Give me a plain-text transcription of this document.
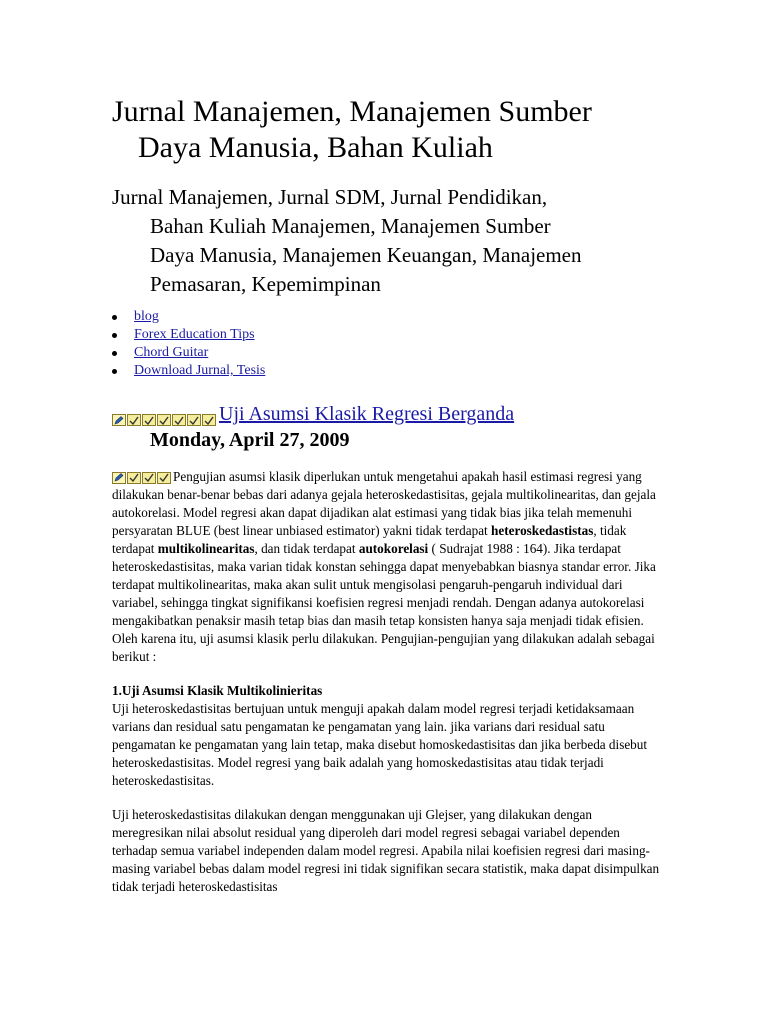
Jurnal Manajemen, Manajemen Sumber
Daya Manusia, Bahan Kuliah
Jurnal Manajemen, Jurnal SDM, Jurnal Pendidikan,
Bahan Kuliah Manajemen, Manajemen Sumber
Daya Manusia, Manajemen Keuangan, Manajemen
Pemasaran, Kepemimpinan
blog
Forex Education Tips
Chord Guitar
Download Jurnal, Tesis
Uji Asumsi Klasik Regresi Berganda
Monday, April 27, 2009

Pengujian asumsi klasik diperlukan untuk mengetahui apakah hasil estimasi regresi yang dilakukan benar-benar bebas dari adanya gejala heteroskedastisitas, gejala multikolinearitas, dan gejala autokorelasi. Model regresi akan dapat dijadikan alat estimasi yang tidak bias jika telah memenuhi persyaratan BLUE (best linear unbiased estimator) yakni tidak terdapat heteroskedastistas, tidak terdapat multikolinearitas, dan tidak terdapat autokorelasi ( Sudrajat 1988 : 164). Jika terdapat heteroskedastisitas, maka varian tidak konstan sehingga dapat menyebabkan biasnya standar error. Jika terdapat multikolinearitas, maka akan sulit untuk mengisolasi pengaruh-pengaruh individual dari variabel, sehingga tingkat signifikansi koefisien regresi menjadi rendah. Dengan adanya autokorelasi mengakibatkan penaksir masih tetap bias dan masih tetap konsisten hanya saja menjadi tidak efisien. Oleh karena itu, uji asumsi klasik perlu dilakukan. Pengujian-pengujian yang dilakukan adalah sebagai berikut :

1.Uji Asumsi Klasik Multikolinieritas

Uji heteroskedastisitas bertujuan untuk menguji apakah dalam model regresi terjadi ketidaksamaan varians dan residual satu pengamatan ke pengamatan yang lain. jika varians dari residual satu pengamatan ke pengamatan yang lain tetap, maka disebut homoskedastisitas dan jika berbeda disebut heteroskedastisitas. Model regresi yang baik adalah yang homoskedastisitas atau tidak terjadi heteroskedastisitas.

Uji heteroskedastisitas dilakukan dengan menggunakan uji Glejser, yang dilakukan dengan meregresikan nilai absolut residual yang diperoleh dari model regresi sebagai variabel dependen terhadap semua variabel independen dalam model regresi. Apabila nilai koefisien regresi dari masing-masing variabel bebas dalam model regresi ini tidak signifikan secara statistik, maka dapat disimpulkan tidak terjadi heteroskedastisitas
